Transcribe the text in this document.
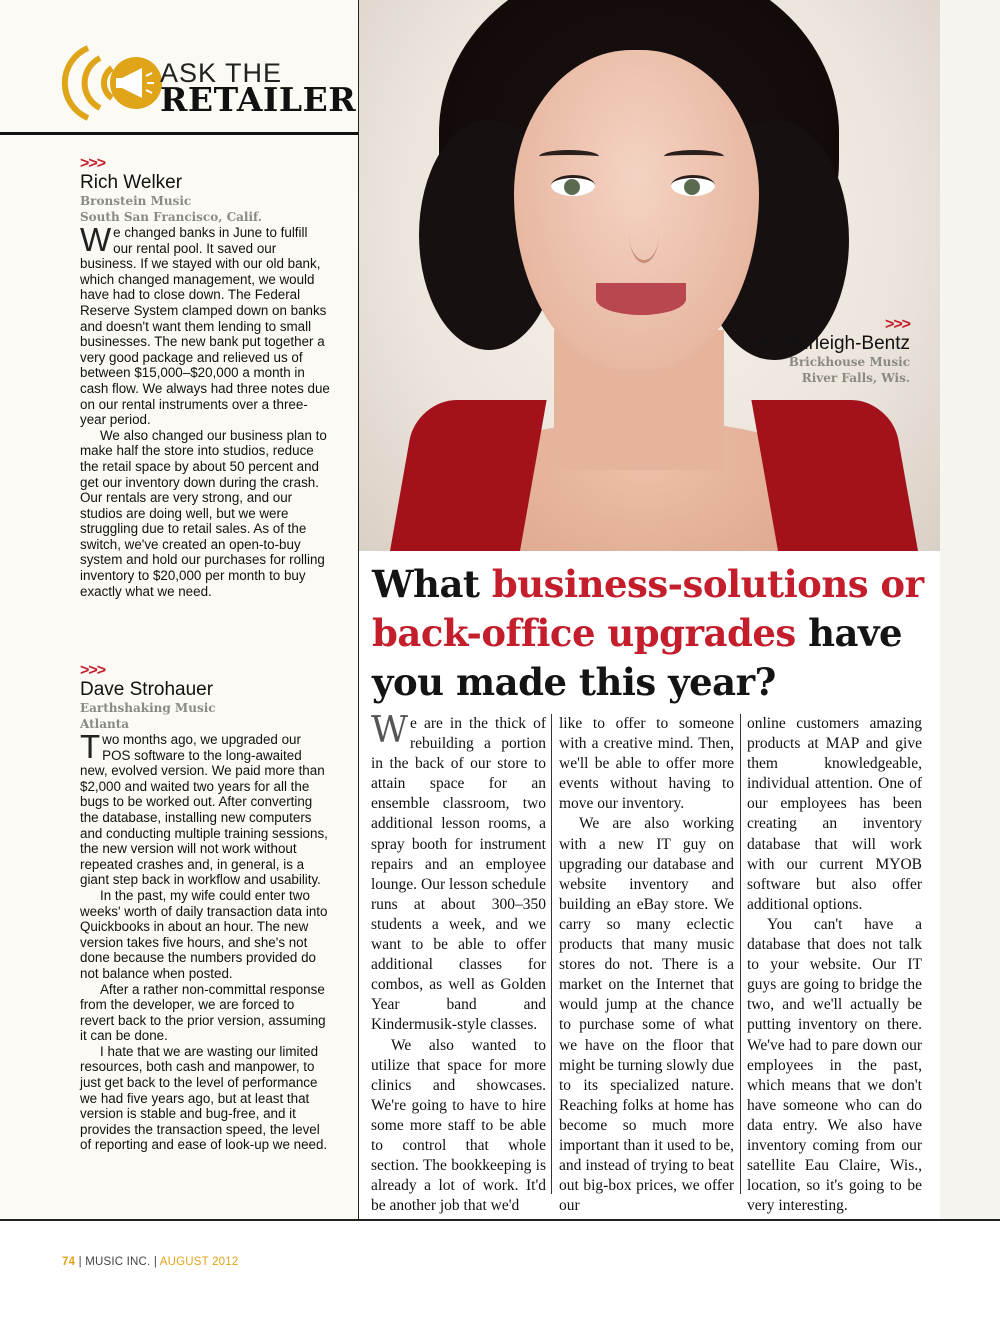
ASK THE
RETAILER
>>>
Rich Welker
Bronstein Music
South San Francisco, Calif.

We changed banks in June to fulfill our rental pool. It saved our business. If we stayed with our old bank, which changed management, we would have had to close down. The Federal Reserve System clamped down on banks and doesn't want them lending to small businesses. The new bank put together a very good package and relieved us of between $15,000–$20,000 a month in cash flow. We always had three notes due on our rental instruments over a three-year period.

We also changed our business plan to make half the store into studios, reduce the retail space by about 50 percent and get our inventory down during the crash. Our rentals are very strong, and our studios are doing well, but we were struggling due to retail sales. As of the switch, we've created an open-to-buy system and hold our purchases for rolling inventory to $20,000 per month to buy exactly what we need.

>>>
Dave Strohauer
Earthshaking Music
Atlanta

Two months ago, we upgraded our POS software to the long-awaited new, evolved version. We paid more than $2,000 and waited two years for all the bugs to be worked out. After converting the database, installing new computers and conducting multiple training sessions, the new version will not work without repeated crashes and, in general, is a giant step back in workflow and usability.

In the past, my wife could enter two weeks' worth of daily transaction data into Quickbooks in about an hour. The new version takes five hours, and she's not done because the numbers provided do not balance when posted.

After a rather non-committal response from the developer, we are forced to revert back to the prior version, assuming it can be done.

I hate that we are wasting our limited resources, both cash and manpower, to just get back to the level of performance we had five years ago, but at least that version is stable and bug-free, and it provides the transaction speed, the level of reporting and ease of look-up we need.

>>>
Jen Burleigh-Bentz
Brickhouse Music
River Falls, Wis.
What business-solutions or back-office upgrades have you made this year?

We are in the thick of rebuilding a portion in the back of our store to attain space for an ensemble classroom, two additional lesson rooms, a spray booth for instrument repairs and an employee lounge. Our lesson schedule runs at about 300–350 students a week, and we want to be able to offer additional classes for combos, as well as Golden Year band and Kindermusik-style classes.

We also wanted to utilize that space for more clinics and showcases. We're going to have to hire some more staff to be able to control that whole section. The bookkeeping is already a lot of work. It'd be another job that we'd

like to offer to someone with a creative mind. Then, we'll be able to offer more events without having to move our inventory.

We are also working with a new IT guy on upgrading our database and website inventory and building an eBay store. We carry so many eclectic products that many music stores do not. There is a market on the Internet that would jump at the chance to purchase some of what we have on the floor that might be turning slowly due to its specialized nature. Reaching folks at home has become so much more important than it used to be, and instead of trying to beat out big-box prices, we offer our

online customers amazing products at MAP and give them knowledgeable, individual attention. One of our employees has been creating an inventory database that will work with our current MYOB software but also offer additional options.

You can't have a database that does not talk to your website. Our IT guys are going to bridge the two, and we'll actually be putting inventory on there. We've had to pare down our employees in the past, which means that we don't have someone who can do data entry. We also have inventory coming from our satellite Eau Claire, Wis., location, so it's going to be very interesting.

74 | MUSIC INC. | AUGUST 2012
